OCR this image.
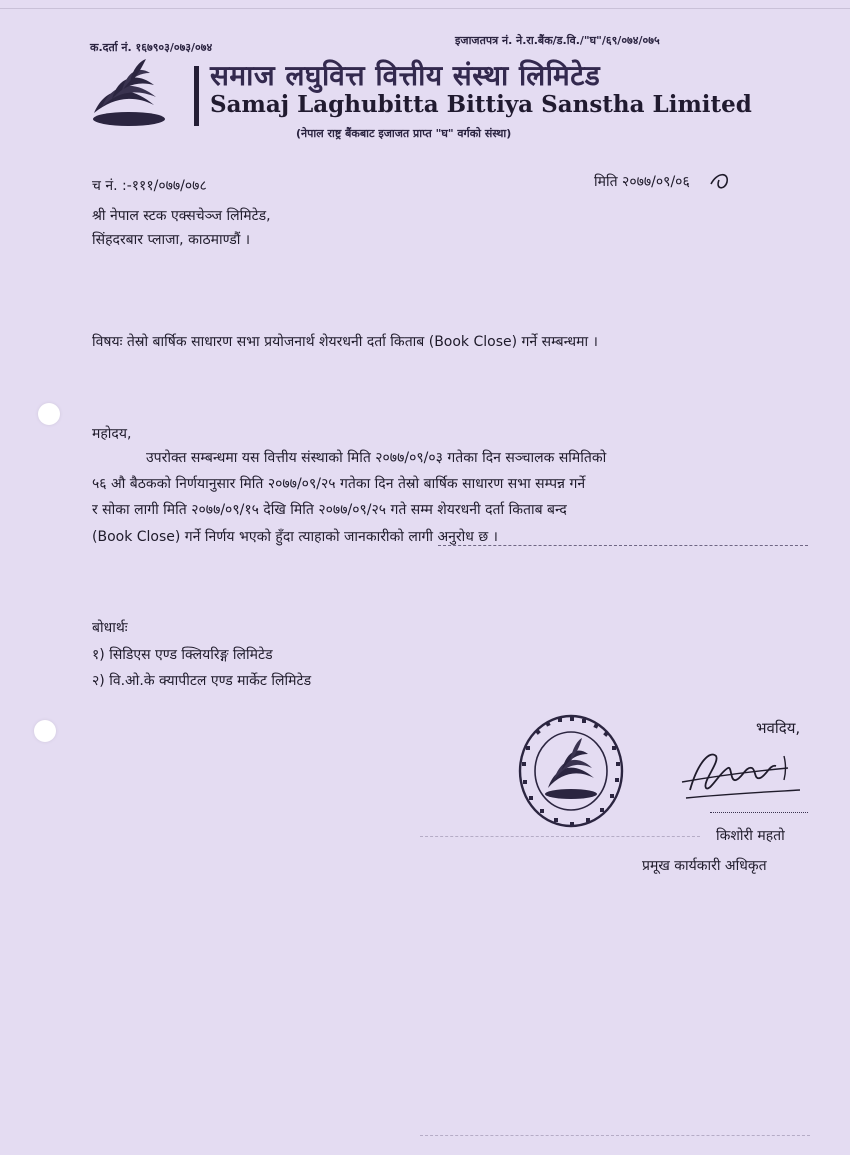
क.दर्ता नं. १६७९०३/०७३/०७४
इजाजतपत्र नं. ने.रा.बैंक/ड.वि./"घ"/६९/०७४/०७५
समाज लघुवित्त वित्तीय संस्था लिमिटेड
Samaj Laghubitta Bittiya Sanstha Limited
(नेपाल राष्ट्र बैंकबाट इजाजत प्राप्त "घ" वर्गको संस्था)
च नं. :-१११/०७७/०७८	मिति २०७७/०९/०६
श्री नेपाल स्टक एक्सचेञ्ज लिमिटेड,
सिंहदरबार प्लाजा, काठमाण्डौं ।
विषयः तेस्रो बार्षिक साधारण सभा प्रयोजनार्थ शेयरधनी दर्ता किताब (Book Close) गर्ने सम्बन्धमा ।
महोदय,
उपरोक्त सम्बन्धमा यस वित्तीय संस्थाको मिति २०७७/०९/०३ गतेका दिन सञ्चालक समितिको
५६ औ बैठकको निर्णयानुसार मिति २०७७/०९/२५ गतेका दिन तेस्रो बार्षिक साधारण सभा सम्पन्न गर्ने
र सोका लागी मिति २०७७/०९/१५ देखि मिति २०७७/०९/२५ गते सम्म शेयरधनी दर्ता किताब बन्द
(Book Close) गर्ने निर्णय भएको हुँदा त्याहाको जानकारीको लागी अनुरोध छ ।
बोधार्थः
१) सिडिएस एण्ड क्लियरिङ्ग लिमिटेड
२) वि.ओ.के क्यापीटल एण्ड मार्केट लिमिटेड
भवदिय,
किशोरी महतो
प्रमूख कार्यकारी अधिकृत
